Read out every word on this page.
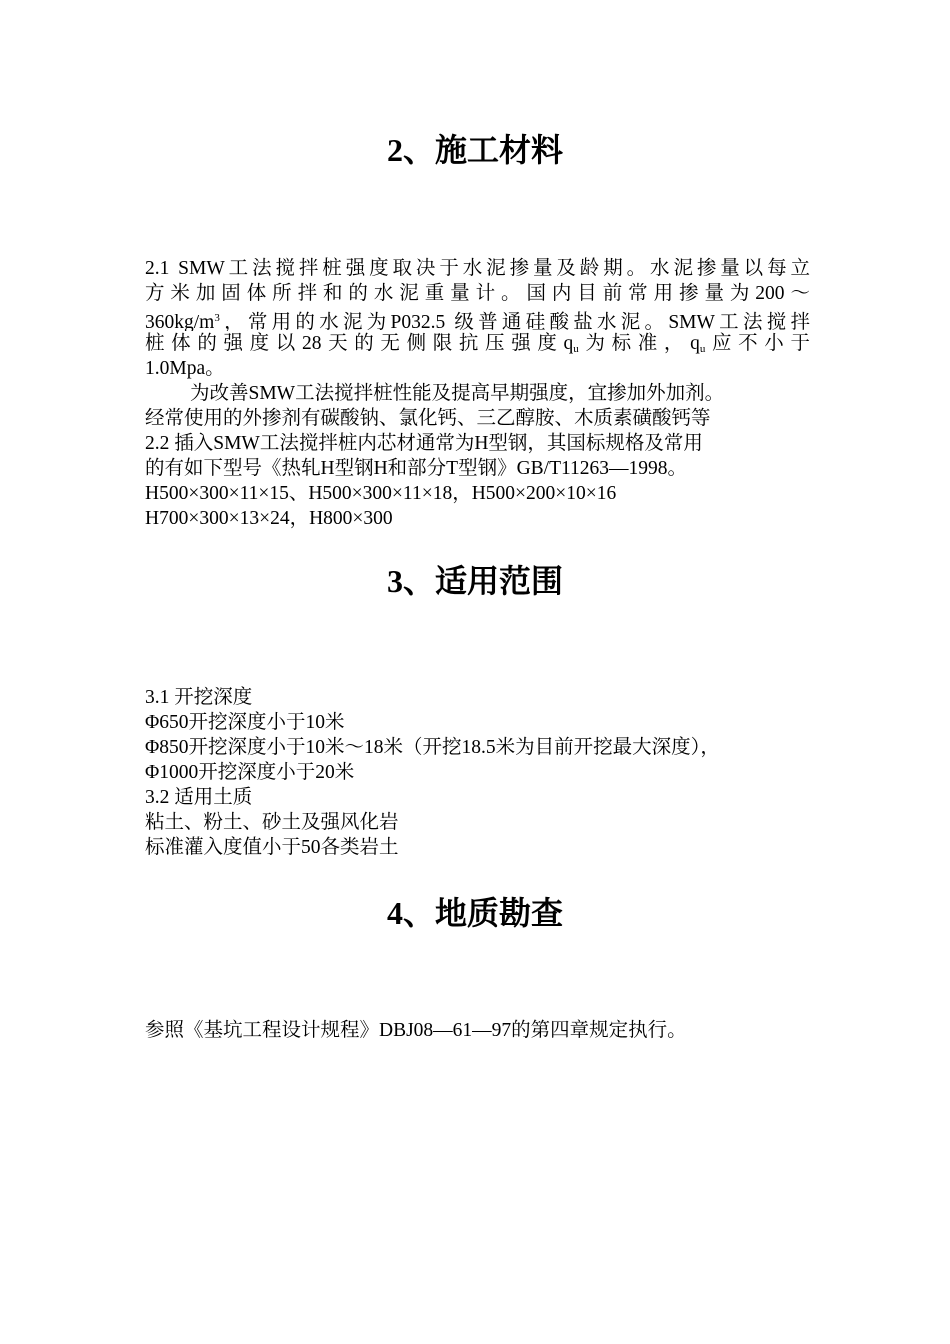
2、施工材料
2.1 SMW工法搅拌桩强度取决于水泥掺量及龄期。水泥掺量以每立
方米加固体所拌和的水泥重量计。国内目前常用掺量为200～
$360kg/m^3$，常用的水泥为P032.5 级普通硅酸盐水泥。SMW工法搅拌
桩体的强度以28天的无侧限抗压强度$q_u$为标准，$q_u$应不小于
1.0Mpa。
为改善SMW工法搅拌桩性能及提高早期强度，宜掺加外加剂。
经常使用的外掺剂有碳酸钠、氯化钙、三乙醇胺、木质素磺酸钙等
2.2 插入SMW工法搅拌桩内芯材通常为H型钢，其国标规格及常用
的有如下型号《热轧H型钢H和部分T型钢》GB/T11263—1998。
H500×300×11×15、H500×300×11×18，H500×200×10×16
H700×300×13×24，H800×300
3、适用范围
3.1 开挖深度
Φ650开挖深度小于10米
Φ850开挖深度小于10米～18米（开挖18.5米为目前开挖最大深度），
Φ1000开挖深度小于20米
3.2 适用土质
粘土、粉土、砂土及强风化岩
标准灌入度值小于50各类岩土
4、地质勘查
参照《基坑工程设计规程》DBJ08—61—97的第四章规定执行。
